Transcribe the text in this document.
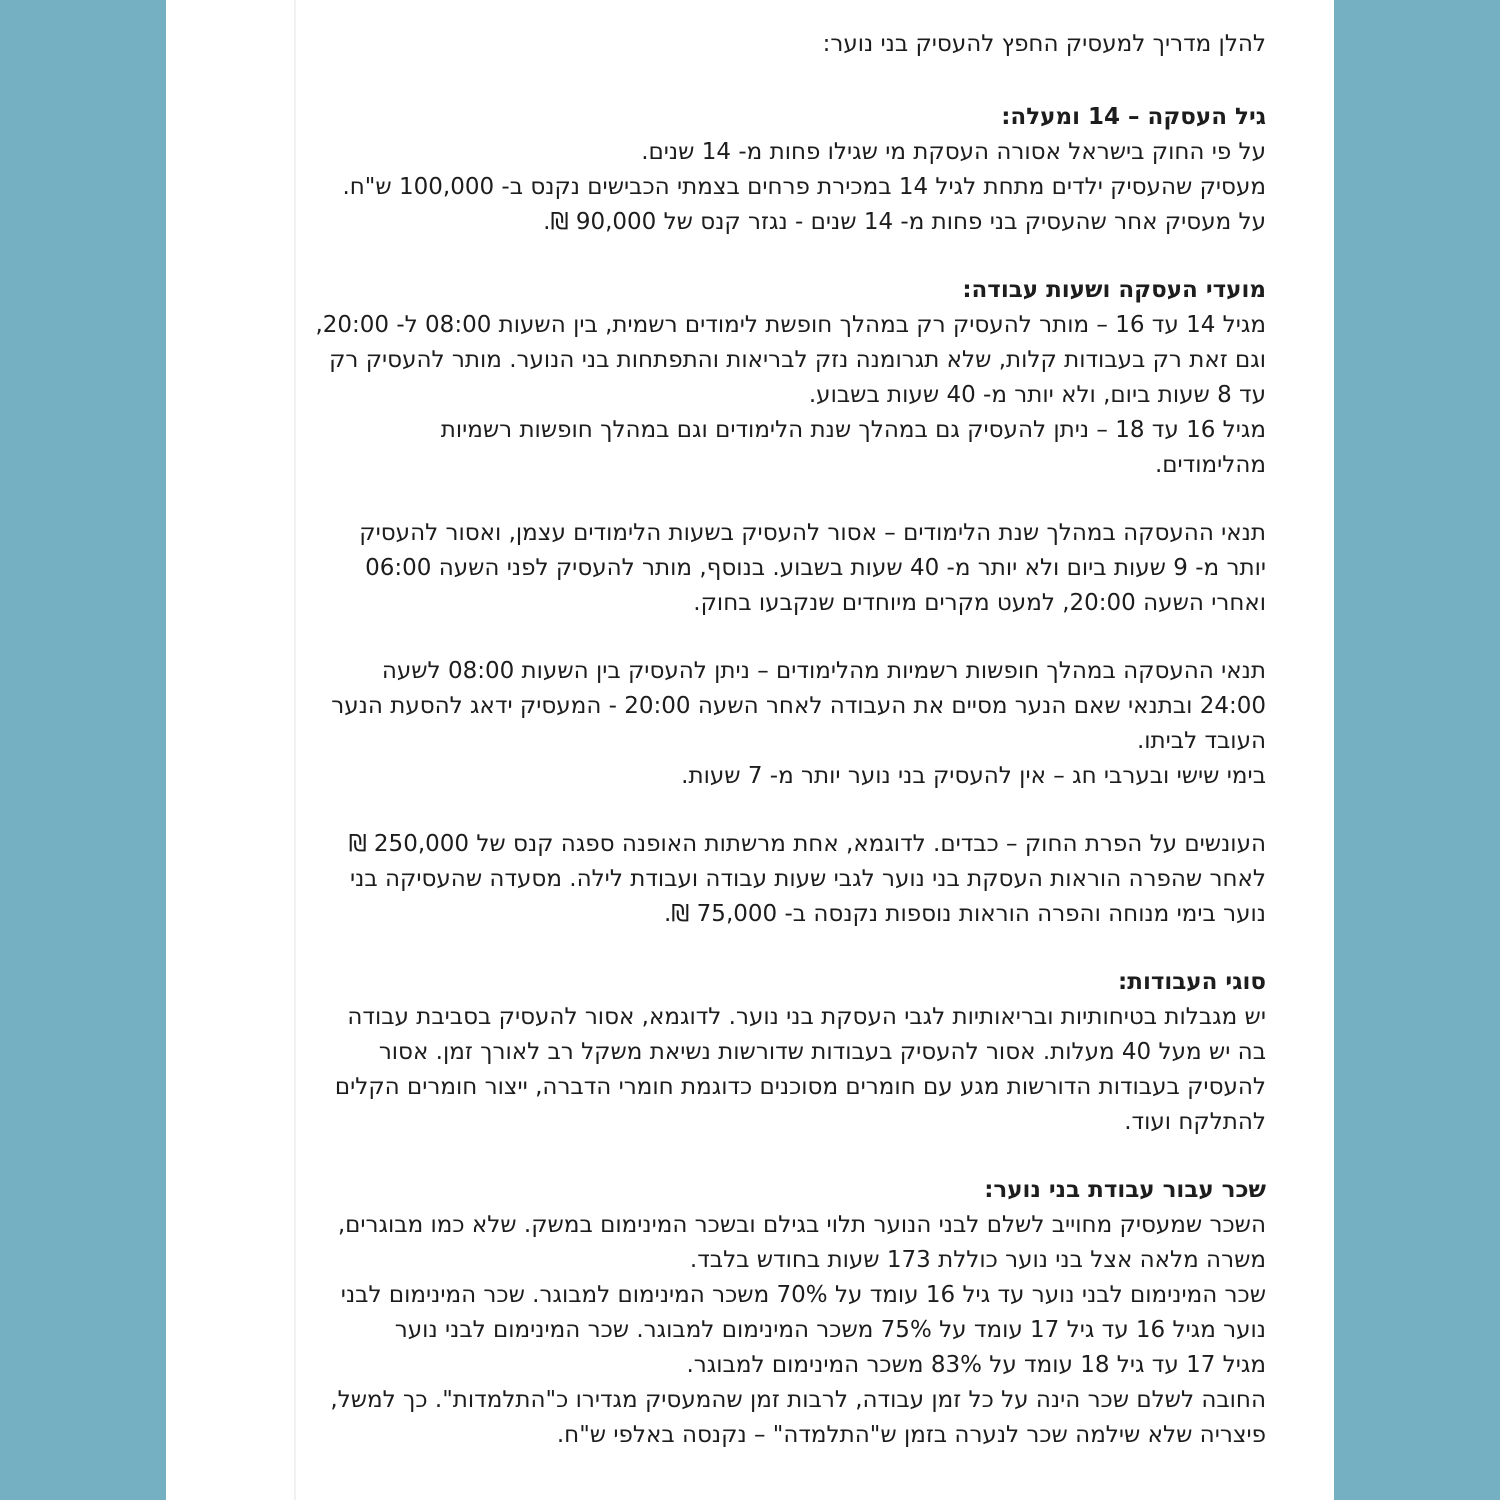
להלן מדריך למעסיק החפץ להעסיק בני נוער:
גיל העסקה – 14 ומעלה:
על פי החוק בישראל אסורה העסקת מי שגילו פחות מ- 14 שנים.
מעסיק שהעסיק ילדים מתחת לגיל 14 במכירת פרחים בצמתי הכבישים נקנס ב- 100,000 ש"ח.
על מעסיק אחר שהעסיק בני פחות מ- 14 שנים - נגזר קנס של 90,000 ₪.
מועדי העסקה ושעות עבודה:
מגיל 14 עד 16 – מותר להעסיק רק במהלך חופשת לימודים רשמית, בין השעות 08:00 ל- 20:00,
וגם זאת רק בעבודות קלות, שלא תגרומנה נזק לבריאות והתפתחות בני הנוער. מותר להעסיק רק
עד 8 שעות ביום, ולא יותר מ- 40 שעות בשבוע.
מגיל 16 עד 18 – ניתן להעסיק גם במהלך שנת הלימודים וגם במהלך חופשות רשמיות
מהלימודים.
תנאי ההעסקה במהלך שנת הלימודים – אסור להעסיק בשעות הלימודים עצמן, ואסור להעסיק
יותר מ- 9 שעות ביום ולא יותר מ- 40 שעות בשבוע. בנוסף, מותר להעסיק לפני השעה 06:00
ואחרי השעה 20:00, למעט מקרים מיוחדים שנקבעו בחוק.
תנאי ההעסקה במהלך חופשות רשמיות מהלימודים – ניתן להעסיק בין השעות 08:00 לשעה
24:00 ובתנאי שאם הנער מסיים את העבודה לאחר השעה 20:00 - המעסיק ידאג להסעת הנער
העובד לביתו.
בימי שישי ובערבי חג – אין להעסיק בני נוער יותר מ- 7 שעות.
העונשים על הפרת החוק – כבדים. לדוגמא, אחת מרשתות האופנה ספגה קנס של 250,000 ₪
לאחר שהפרה הוראות העסקת בני נוער לגבי שעות עבודה ועבודת לילה. מסעדה שהעסיקה בני
נוער בימי מנוחה והפרה הוראות נוספות נקנסה ב- 75,000 ₪.
סוגי העבודות:
יש מגבלות בטיחותיות ובריאותיות לגבי העסקת בני נוער. לדוגמא, אסור להעסיק בסביבת עבודה
בה יש מעל 40 מעלות. אסור להעסיק בעבודות שדורשות נשיאת משקל רב לאורך זמן. אסור
להעסיק בעבודות הדורשות מגע עם חומרים מסוכנים כדוגמת חומרי הדברה, ייצור חומרים הקלים
להתלקח ועוד.
שכר עבור עבודת בני נוער:
השכר שמעסיק מחוייב לשלם לבני הנוער תלוי בגילם ובשכר המינימום במשק. שלא כמו מבוגרים,
משרה מלאה אצל בני נוער כוללת 173 שעות בחודש בלבד.
שכר המינימום לבני נוער עד גיל 16 עומד על 70% משכר המינימום למבוגר. שכר המינימום לבני
נוער מגיל 16 עד גיל 17 עומד על 75% משכר המינימום למבוגר. שכר המינימום לבני נוער
מגיל 17 עד גיל 18 עומד על 83% משכר המינימום למבוגר.
החובה לשלם שכר הינה על כל זמן עבודה, לרבות זמן שהמעסיק מגדירו כ"התלמדות". כך למשל,
פיצריה שלא שילמה שכר לנערה בזמן ש"התלמדה" – נקנסה באלפי ש"ח.
